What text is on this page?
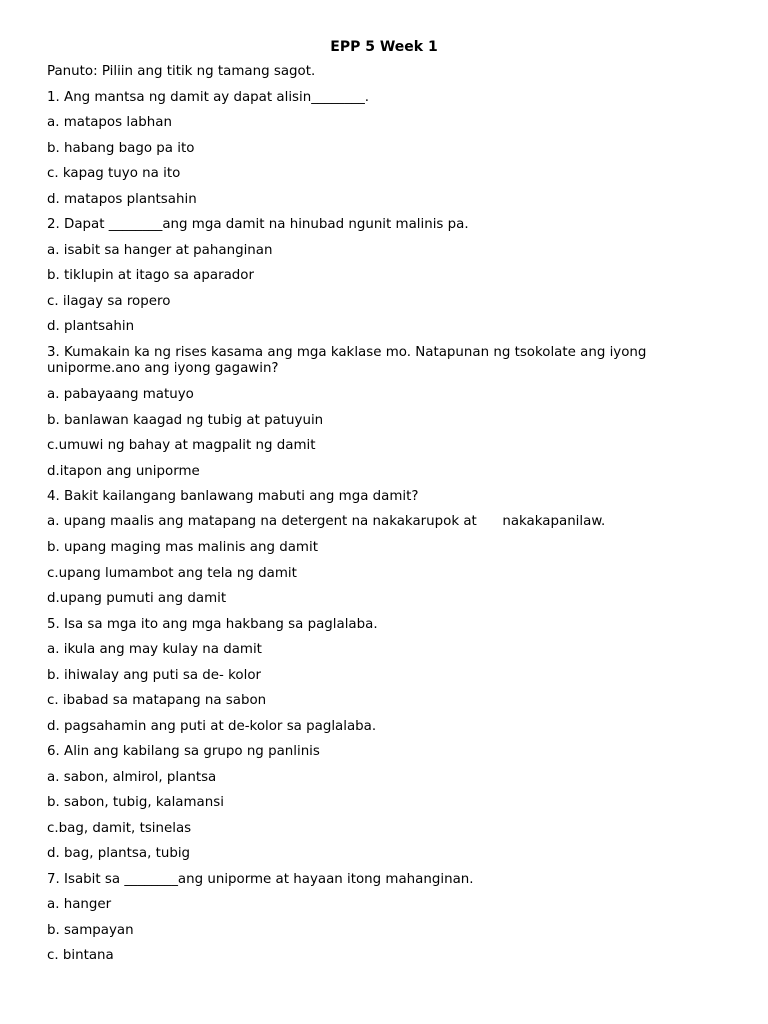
EPP 5 Week 1
Panuto: Piliin ang titik ng tamang sagot.
1. Ang mantsa ng damit ay dapat alisin________.
a. matapos labhan
b. habang bago pa ito
c. kapag tuyo na ito
d. matapos plantsahin
2. Dapat ________ang mga damit na hinubad ngunit malinis pa.
a. isabit sa hanger at pahanginan
b. tiklupin at itago sa aparador
c. ilagay sa ropero
d. plantsahin
3. Kumakain ka ng rises kasama ang mga kaklase mo. Natapunan ng tsokolate ang iyong uniporme.ano ang iyong gagawin?
a. pabayaang matuyo
b. banlawan kaagad ng tubig at patuyuin
c.umuwi ng bahay at magpalit ng damit
d.itapon ang uniporme
4. Bakit kailangang banlawang mabuti ang mga damit?
a. upang maalis ang matapang na detergent na nakakarupok at      nakakapanilaw.
b. upang maging mas malinis ang damit
c.upang lumambot ang tela ng damit
d.upang pumuti ang damit
5. Isa sa mga ito ang mga hakbang sa paglalaba.
a. ikula ang may kulay na damit
b. ihiwalay ang puti sa de- kolor
c. ibabad sa matapang na sabon
d. pagsahamin ang puti at de-kolor sa paglalaba.
6. Alin ang kabilang sa grupo ng panlinis
a. sabon, almirol, plantsa
b. sabon, tubig, kalamansi
c.bag, damit, tsinelas
d. bag, plantsa, tubig
7. Isabit sa ________ang uniporme at hayaan itong mahanginan.
a. hanger
b. sampayan
c. bintana
